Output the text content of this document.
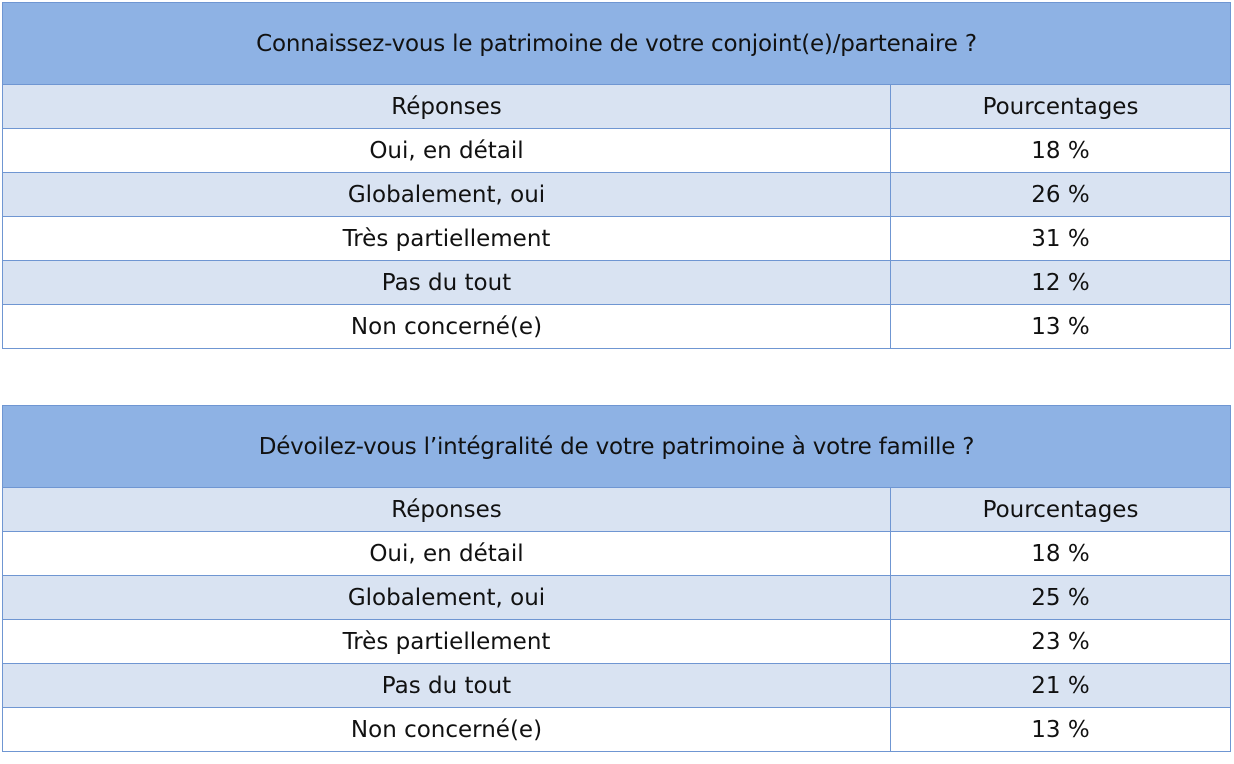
Connaissez-vous le patrimoine de votre conjoint(e)/partenaire ?	
Réponses	Pourcentages
Oui, en détail	18 %
Globalement, oui	26 %
Très partiellement	31 %
Pas du tout	12 %
Non concerné(e)	13 %
Dévoilez-vous l’intégralité de votre patrimoine à votre famille ?	
Réponses	Pourcentages
Oui, en détail	18 %
Globalement, oui	25 %
Très partiellement	23 %
Pas du tout	21 %
Non concerné(e)	13 %
